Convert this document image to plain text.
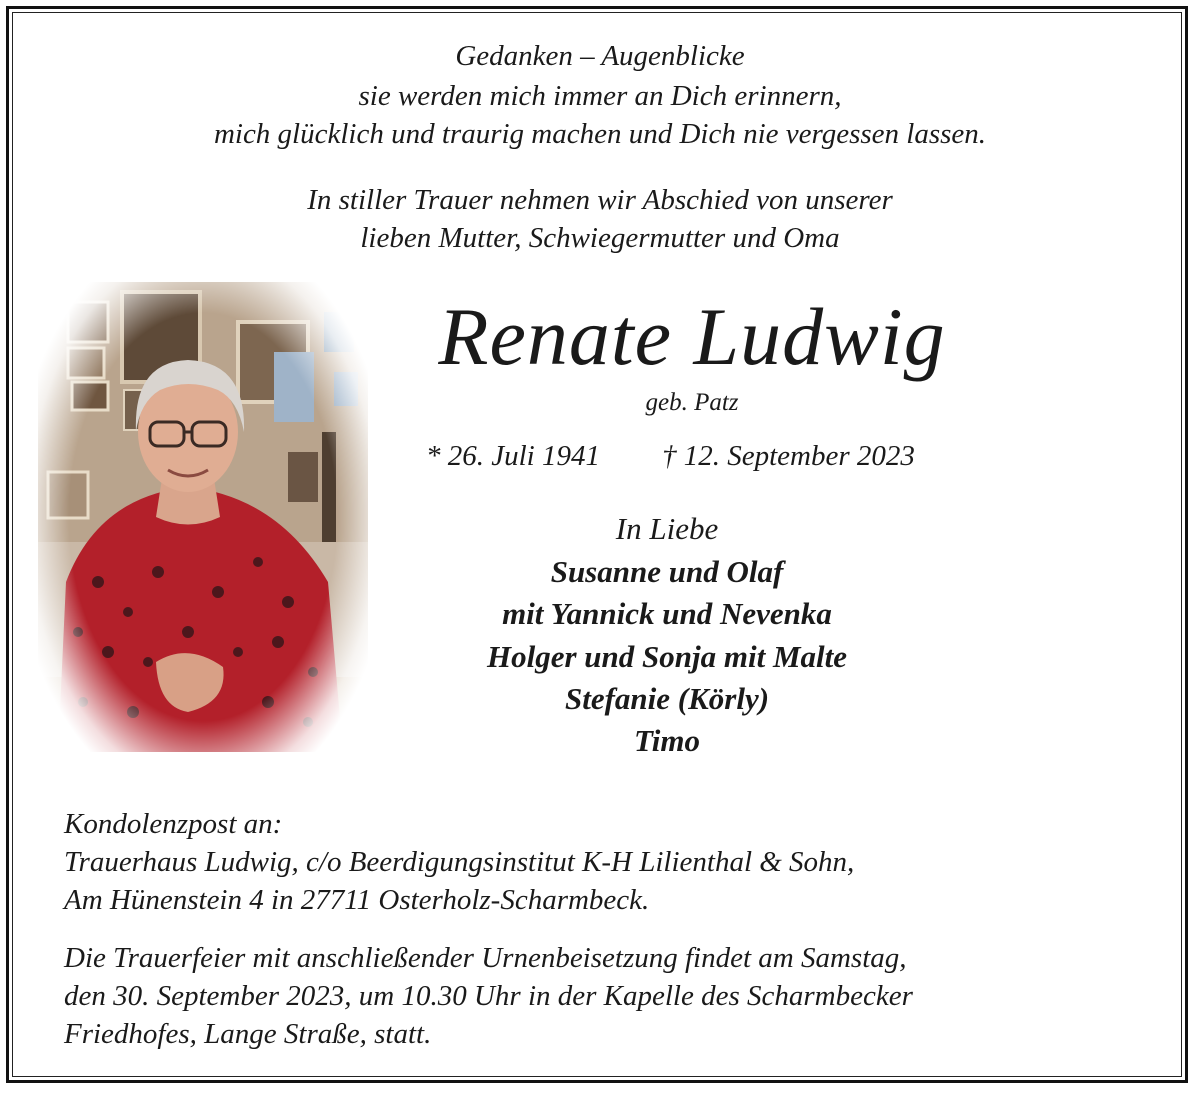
Gedanken – Augenblicke
sie werden mich immer an Dich erinnern,
mich glücklich und traurig machen und Dich nie vergessen lassen.
In stiller Trauer nehmen wir Abschied von unserer
lieben Mutter, Schwiegermutter und Oma
Renate Ludwig
geb. Patz
* 26. Juli 1941 † 12. September 2023
In Liebe
Susanne und Olaf
mit Yannick und Nevenka
Holger und Sonja mit Malte
Stefanie (Körly)
Timo
Kondolenzpost an:
Trauerhaus Ludwig, c/o Beerdigungsinstitut K-H Lilienthal & Sohn,
Am Hünenstein 4 in 27711 Osterholz-Scharmbeck.
Die Trauerfeier mit anschließender Urnenbeisetzung findet am Samstag,
den 30. September 2023, um 10.30 Uhr in der Kapelle des Scharmbecker
Friedhofes, Lange Straße, statt.
